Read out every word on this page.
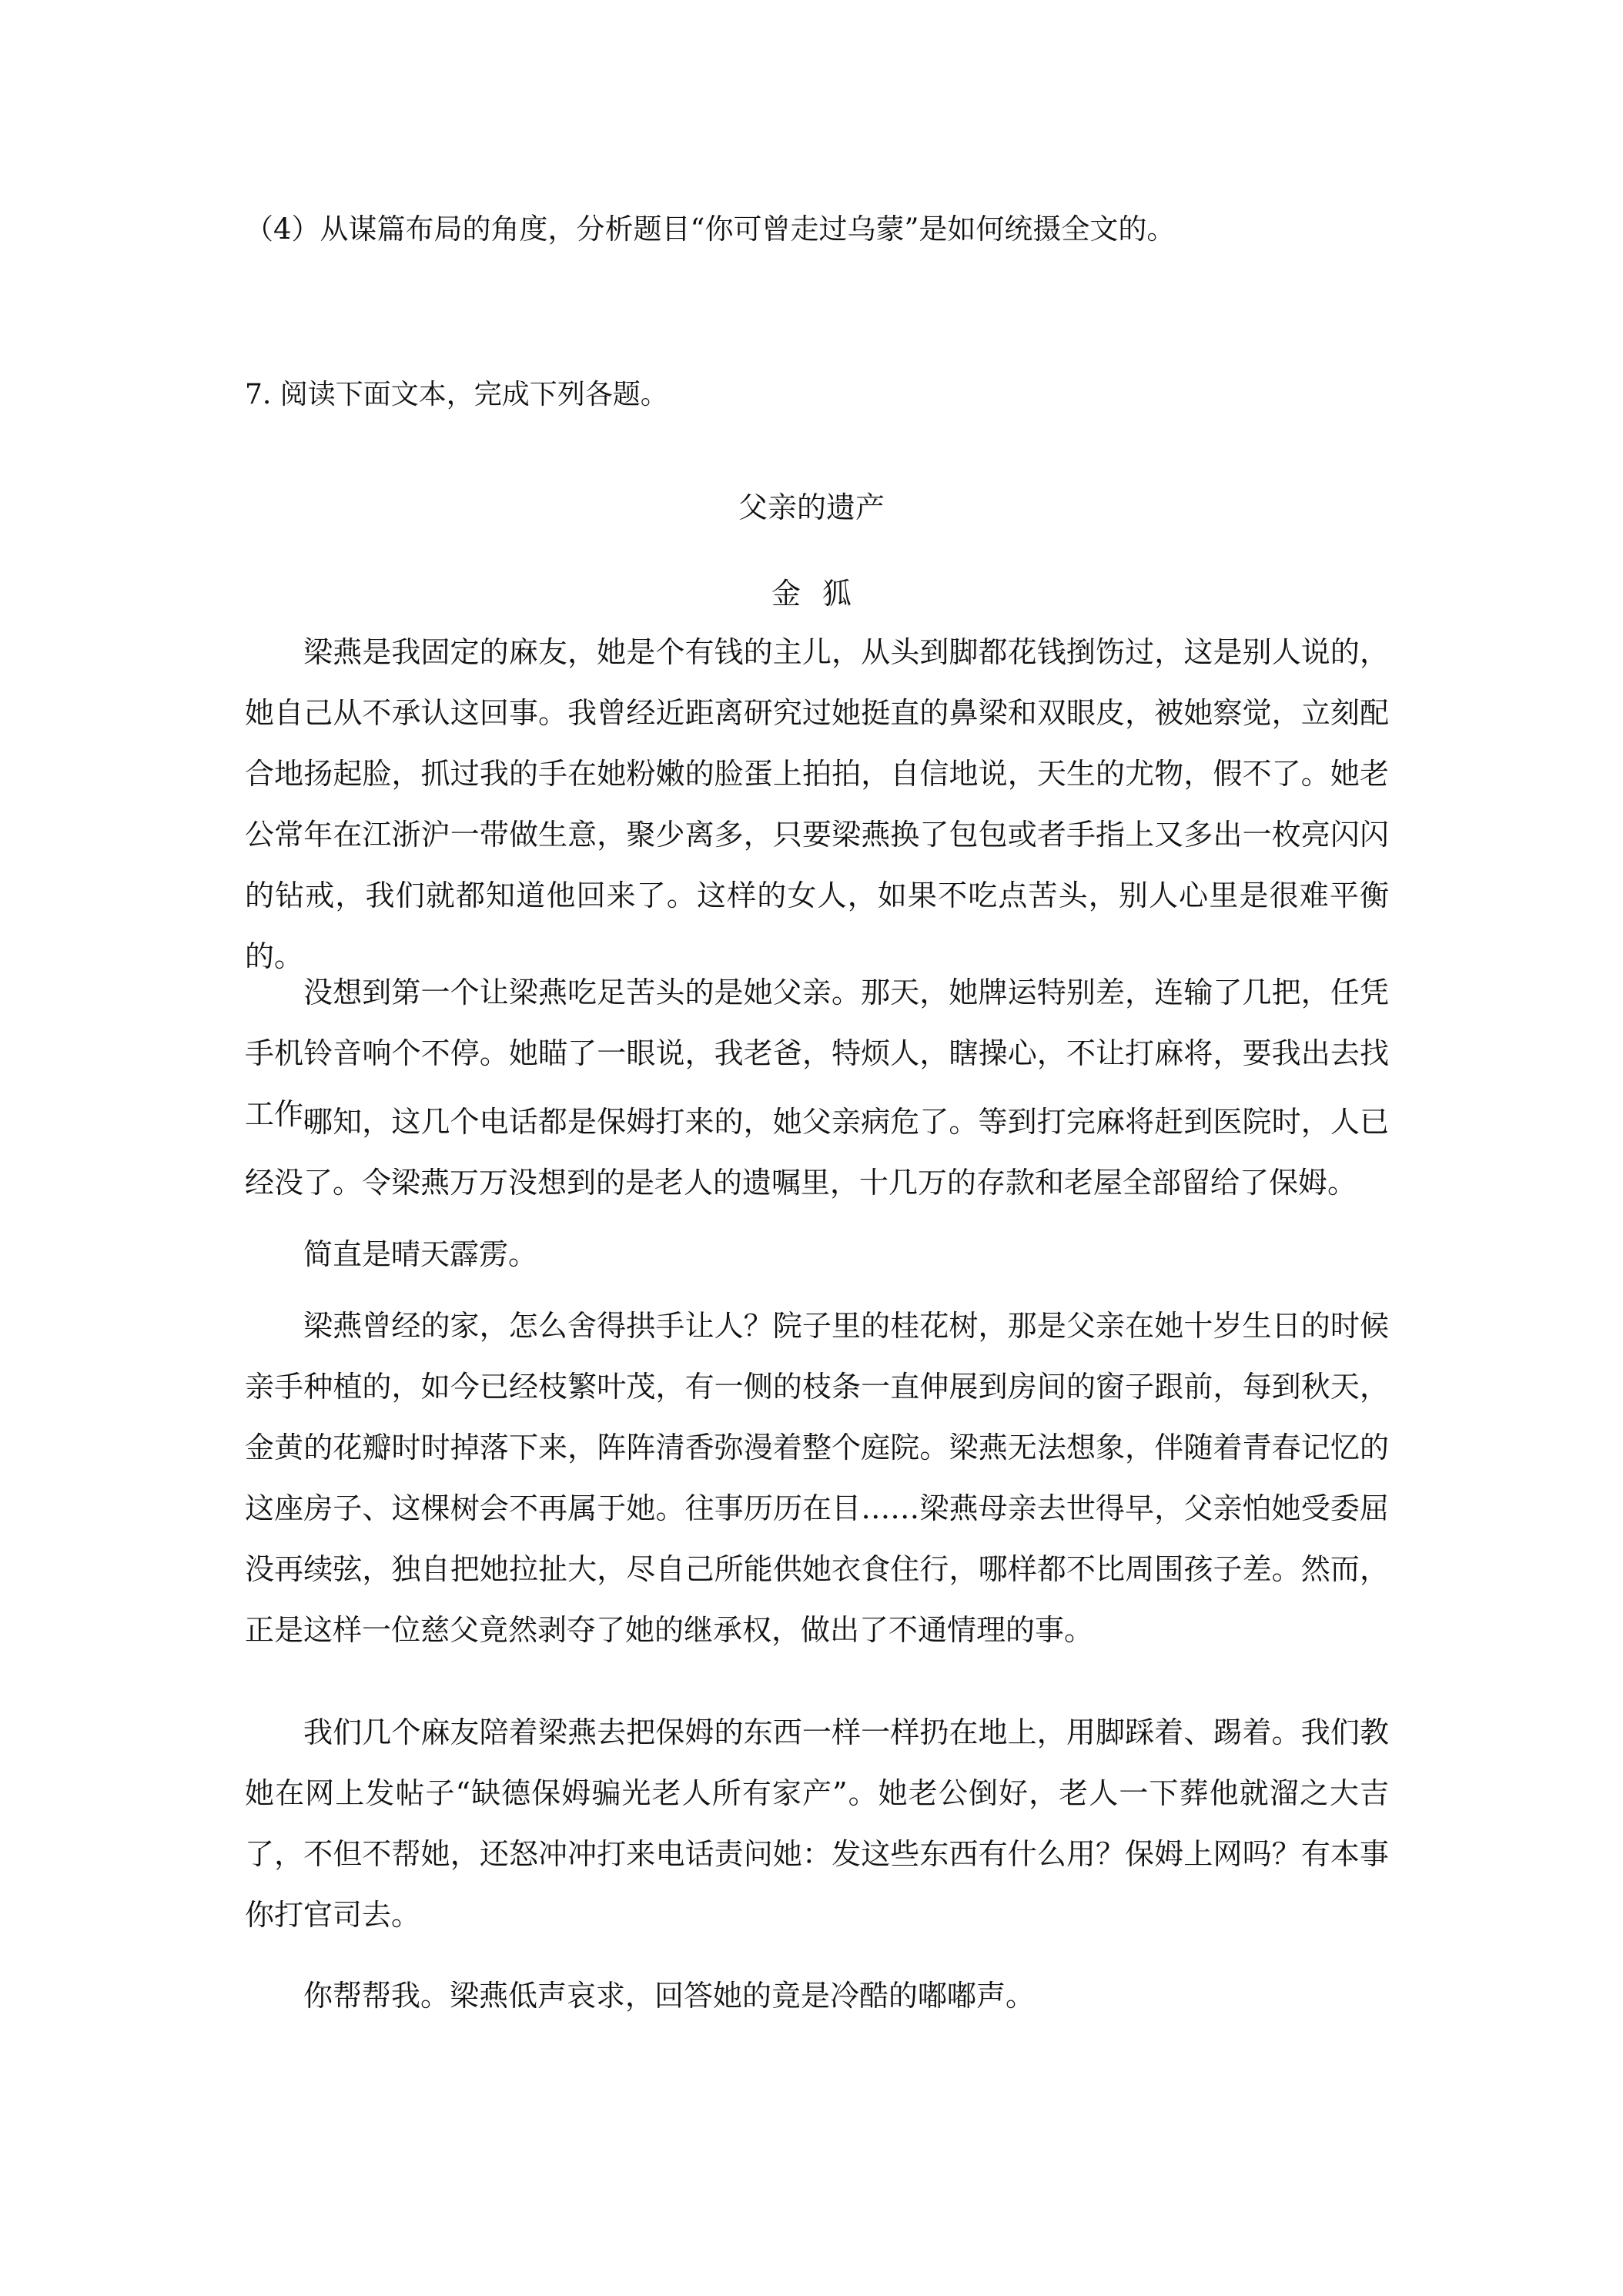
（4）从谋篇布局的角度，分析题目“你可曾走过乌蒙”是如何统摄全文的。
7. 阅读下面文本，完成下列各题。
父亲的遗产
金狐

梁燕是我固定的麻友，她是个有钱的主儿，从头到脚都花钱捯饬过，这是别人说的，她自己从不承认这回事。我曾经近距离研究过她挺直的鼻梁和双眼皮，被她察觉，立刻配合地扬起脸，抓过我的手在她粉嫩的脸蛋上拍拍，自信地说，天生的尤物，假不了。她老公常年在江浙沪一带做生意，聚少离多，只要梁燕换了包包或者手指上又多出一枚亮闪闪的钻戒，我们就都知道他回来了。这样的女人，如果不吃点苦头，别人心里是很难平衡的。

没想到第一个让梁燕吃足苦头的是她父亲。那天，她牌运特别差，连输了几把，任凭手机铃音响个不停。她瞄了一眼说，我老爸，特烦人，瞎操心，不让打麻将，要我出去找工作。

哪知，这几个电话都是保姆打来的，她父亲病危了。等到打完麻将赶到医院时，人已经没了。令梁燕万万没想到的是老人的遗嘱里，十几万的存款和老屋全部留给了保姆。

简直是晴天霹雳。

梁燕曾经的家，怎么舍得拱手让人？院子里的桂花树，那是父亲在她十岁生日的时候亲手种植的，如今已经枝繁叶茂，有一侧的枝条一直伸展到房间的窗子跟前，每到秋天，金黄的花瓣时时掉落下来，阵阵清香弥漫着整个庭院。梁燕无法想象，伴随着青春记忆的这座房子、这棵树会不再属于她。往事历历在目……梁燕母亲去世得早，父亲怕她受委屈没再续弦，独自把她拉扯大，尽自己所能供她衣食住行，哪样都不比周围孩子差。然而，正是这样一位慈父竟然剥夺了她的继承权，做出了不通情理的事。

我们几个麻友陪着梁燕去把保姆的东西一样一样扔在地上，用脚踩着、踢着。我们教她在网上发帖子“缺德保姆骗光老人所有家产”。她老公倒好，老人一下葬他就溜之大吉了，不但不帮她，还怒冲冲打来电话责问她：发这些东西有什么用？保姆上网吗？有本事你打官司去。

你帮帮我。梁燕低声哀求，回答她的竟是冷酷的嘟嘟声。
